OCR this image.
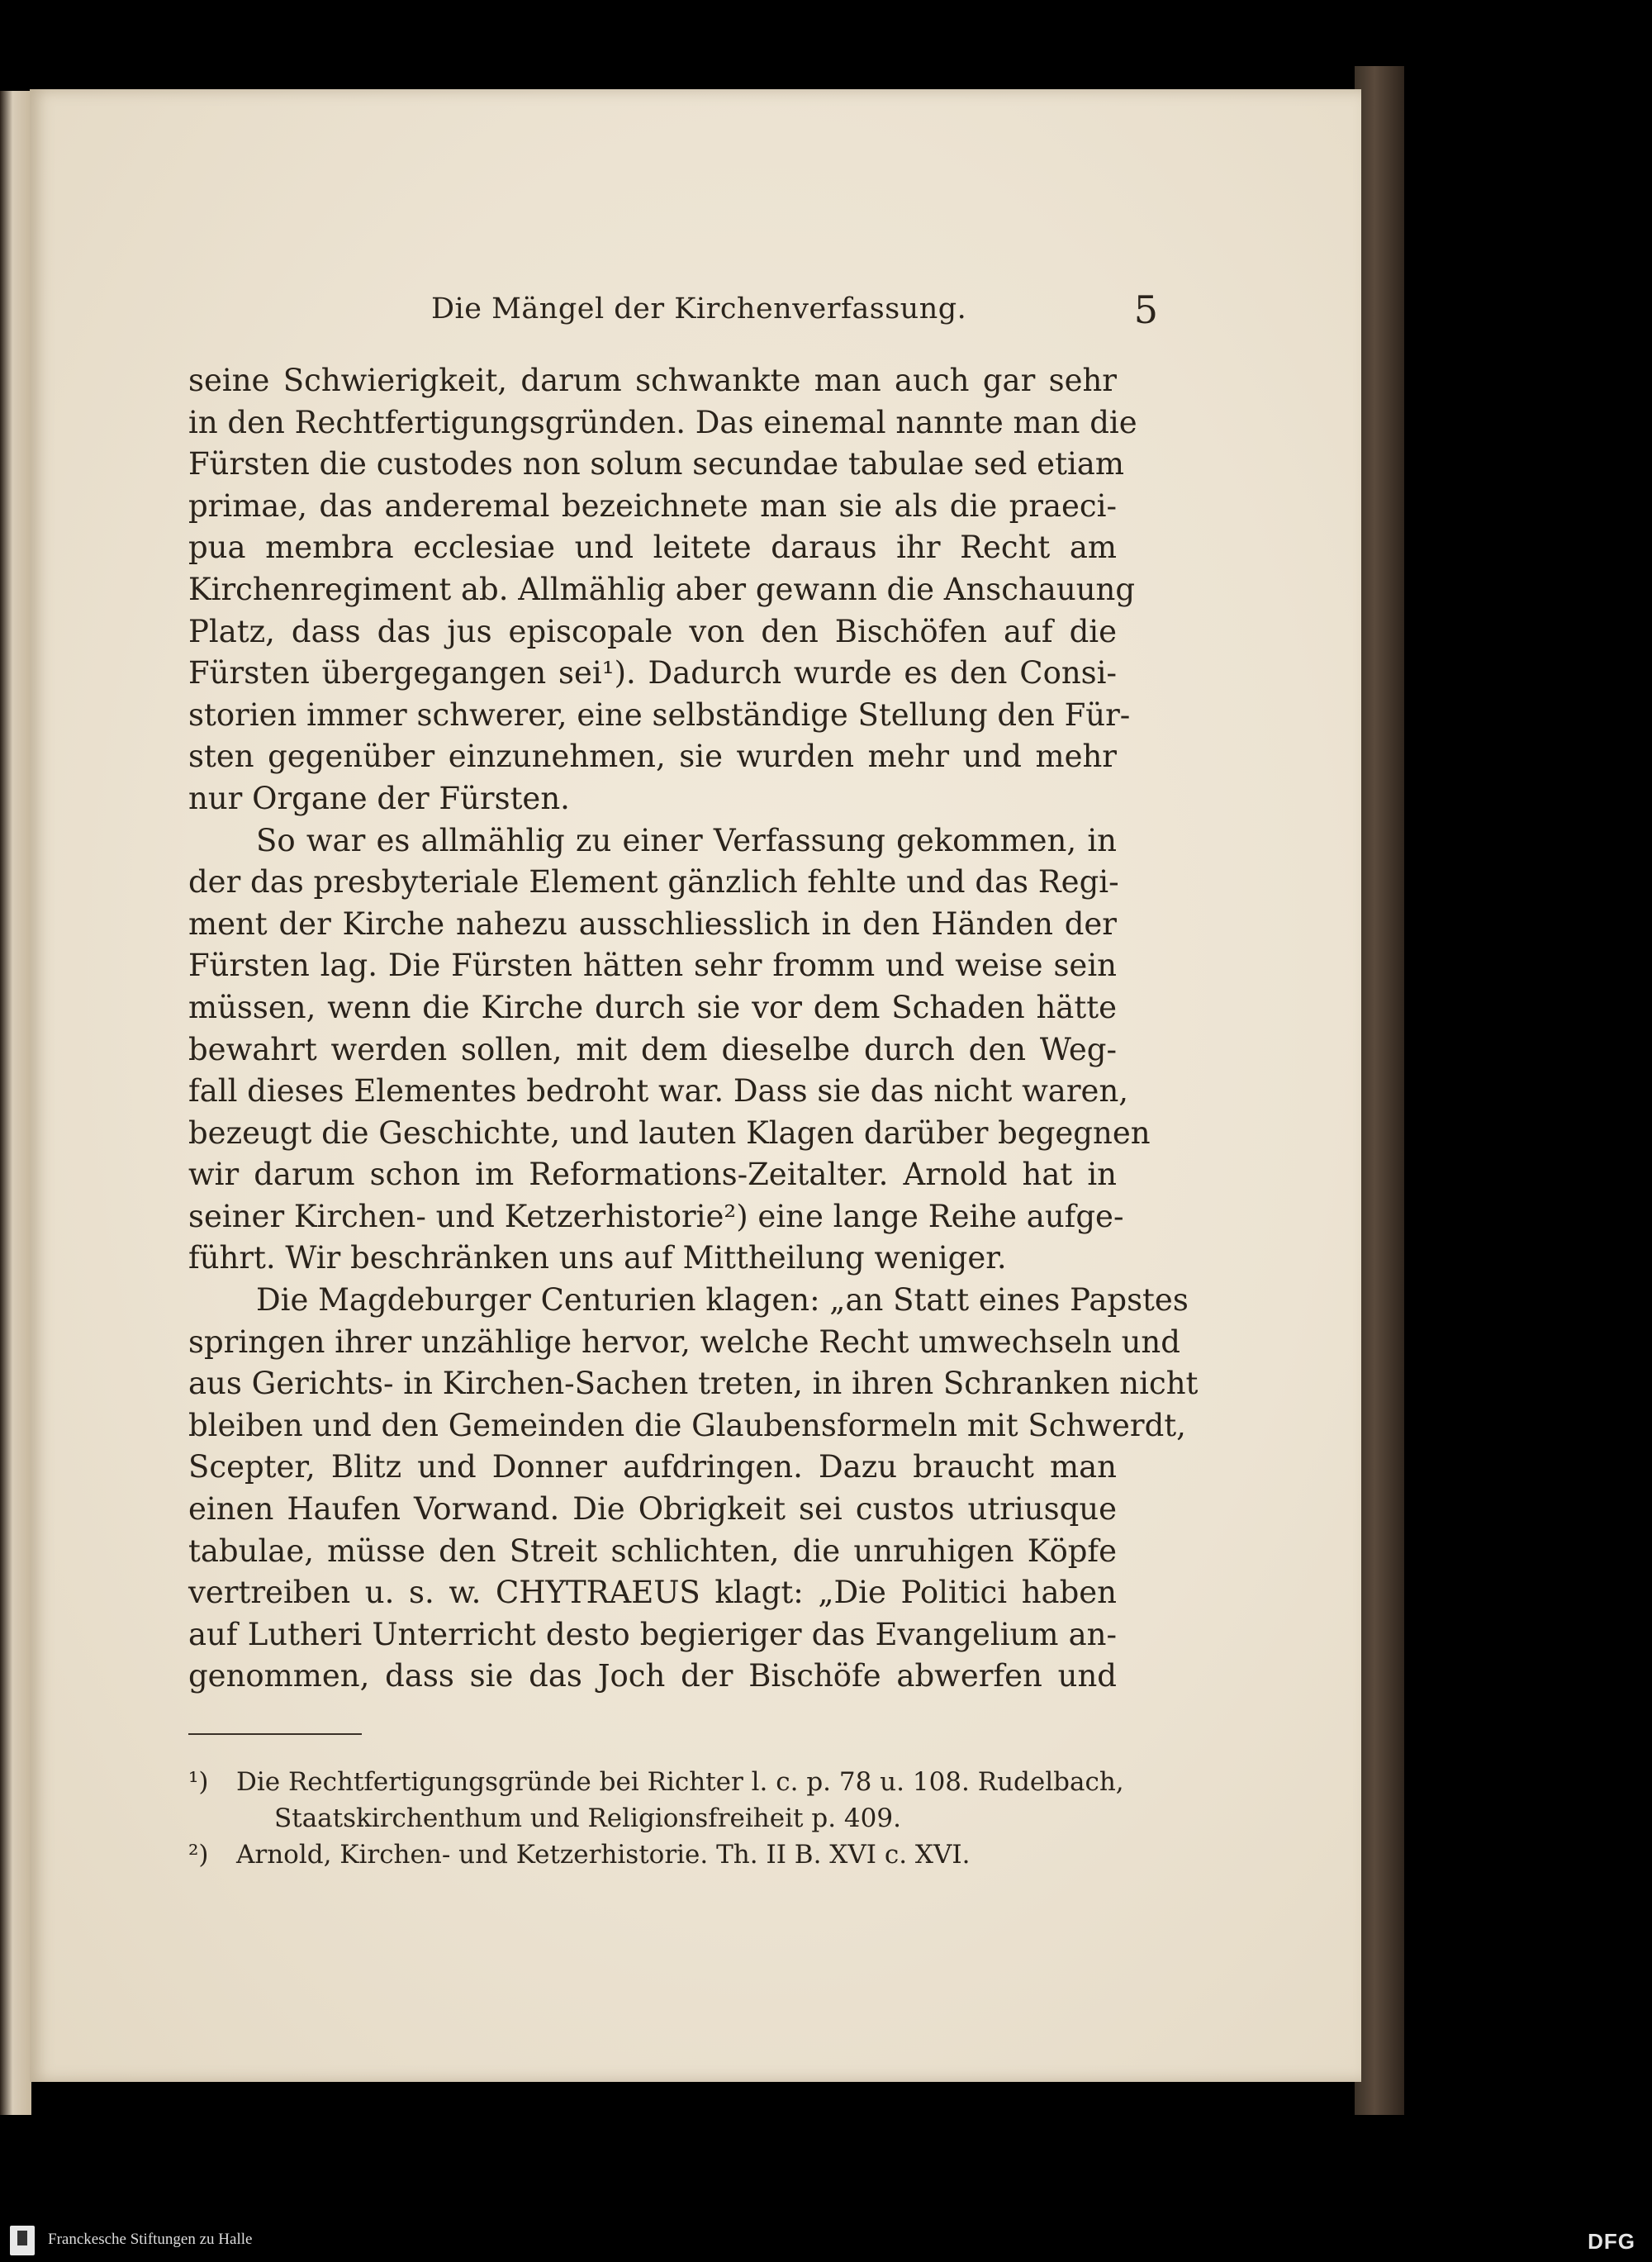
Die Mängel der Kirchenverfassung.	5
seine Schwierigkeit, darum schwankte man auch gar sehr
in den Rechtfertigungsgründen. Das einemal nannte man die
Fürsten die custodes non solum secundae tabulae sed etiam
primae, das anderemal bezeichnete man sie als die praeci-
pua membra ecclesiae und leitete daraus ihr Recht am
Kirchenregiment ab. Allmählig aber gewann die Anschauung
Platz, dass das jus episcopale von den Bischöfen auf die
Fürsten übergegangen sei¹). Dadurch wurde es den Consi-
storien immer schwerer, eine selbständige Stellung den Für-
sten gegenüber einzunehmen, sie wurden mehr und mehr
nur Organe der Fürsten.
So war es allmählig zu einer Verfassung gekommen, in
der das presbyteriale Element gänzlich fehlte und das Regi-
ment der Kirche nahezu ausschliesslich in den Händen der
Fürsten lag. Die Fürsten hätten sehr fromm und weise sein
müssen, wenn die Kirche durch sie vor dem Schaden hätte
bewahrt werden sollen, mit dem dieselbe durch den Weg-
fall dieses Elementes bedroht war. Dass sie das nicht waren,
bezeugt die Geschichte, und lauten Klagen darüber begegnen
wir darum schon im Reformations-Zeitalter. Arnold hat in
seiner Kirchen- und Ketzerhistorie²) eine lange Reihe aufge-
führt. Wir beschränken uns auf Mittheilung weniger.
Die Magdeburger Centurien klagen: „an Statt eines Papstes
springen ihrer unzählige hervor, welche Recht umwechseln und
aus Gerichts- in Kirchen-Sachen treten, in ihren Schranken nicht
bleiben und den Gemeinden die Glaubensformeln mit Schwerdt,
Scepter, Blitz und Donner aufdringen. Dazu braucht man
einen Haufen Vorwand. Die Obrigkeit sei custos utriusque
tabulae, müsse den Streit schlichten, die unruhigen Köpfe
vertreiben u. s. w. CHYTRAEUS klagt: „Die Politici haben
auf Lutheri Unterricht desto begieriger das Evangelium an-
genommen, dass sie das Joch der Bischöfe abwerfen und
¹) Die Rechtfertigungsgründe bei Richter l. c. p. 78 u. 108. Rudelbach,
Staatskirchenthum und Religionsfreiheit p. 409.
²) Arnold, Kirchen- und Ketzerhistorie. Th. II B. XVI c. XVI.
Franckesche Stiftungen zu Halle	DFG
